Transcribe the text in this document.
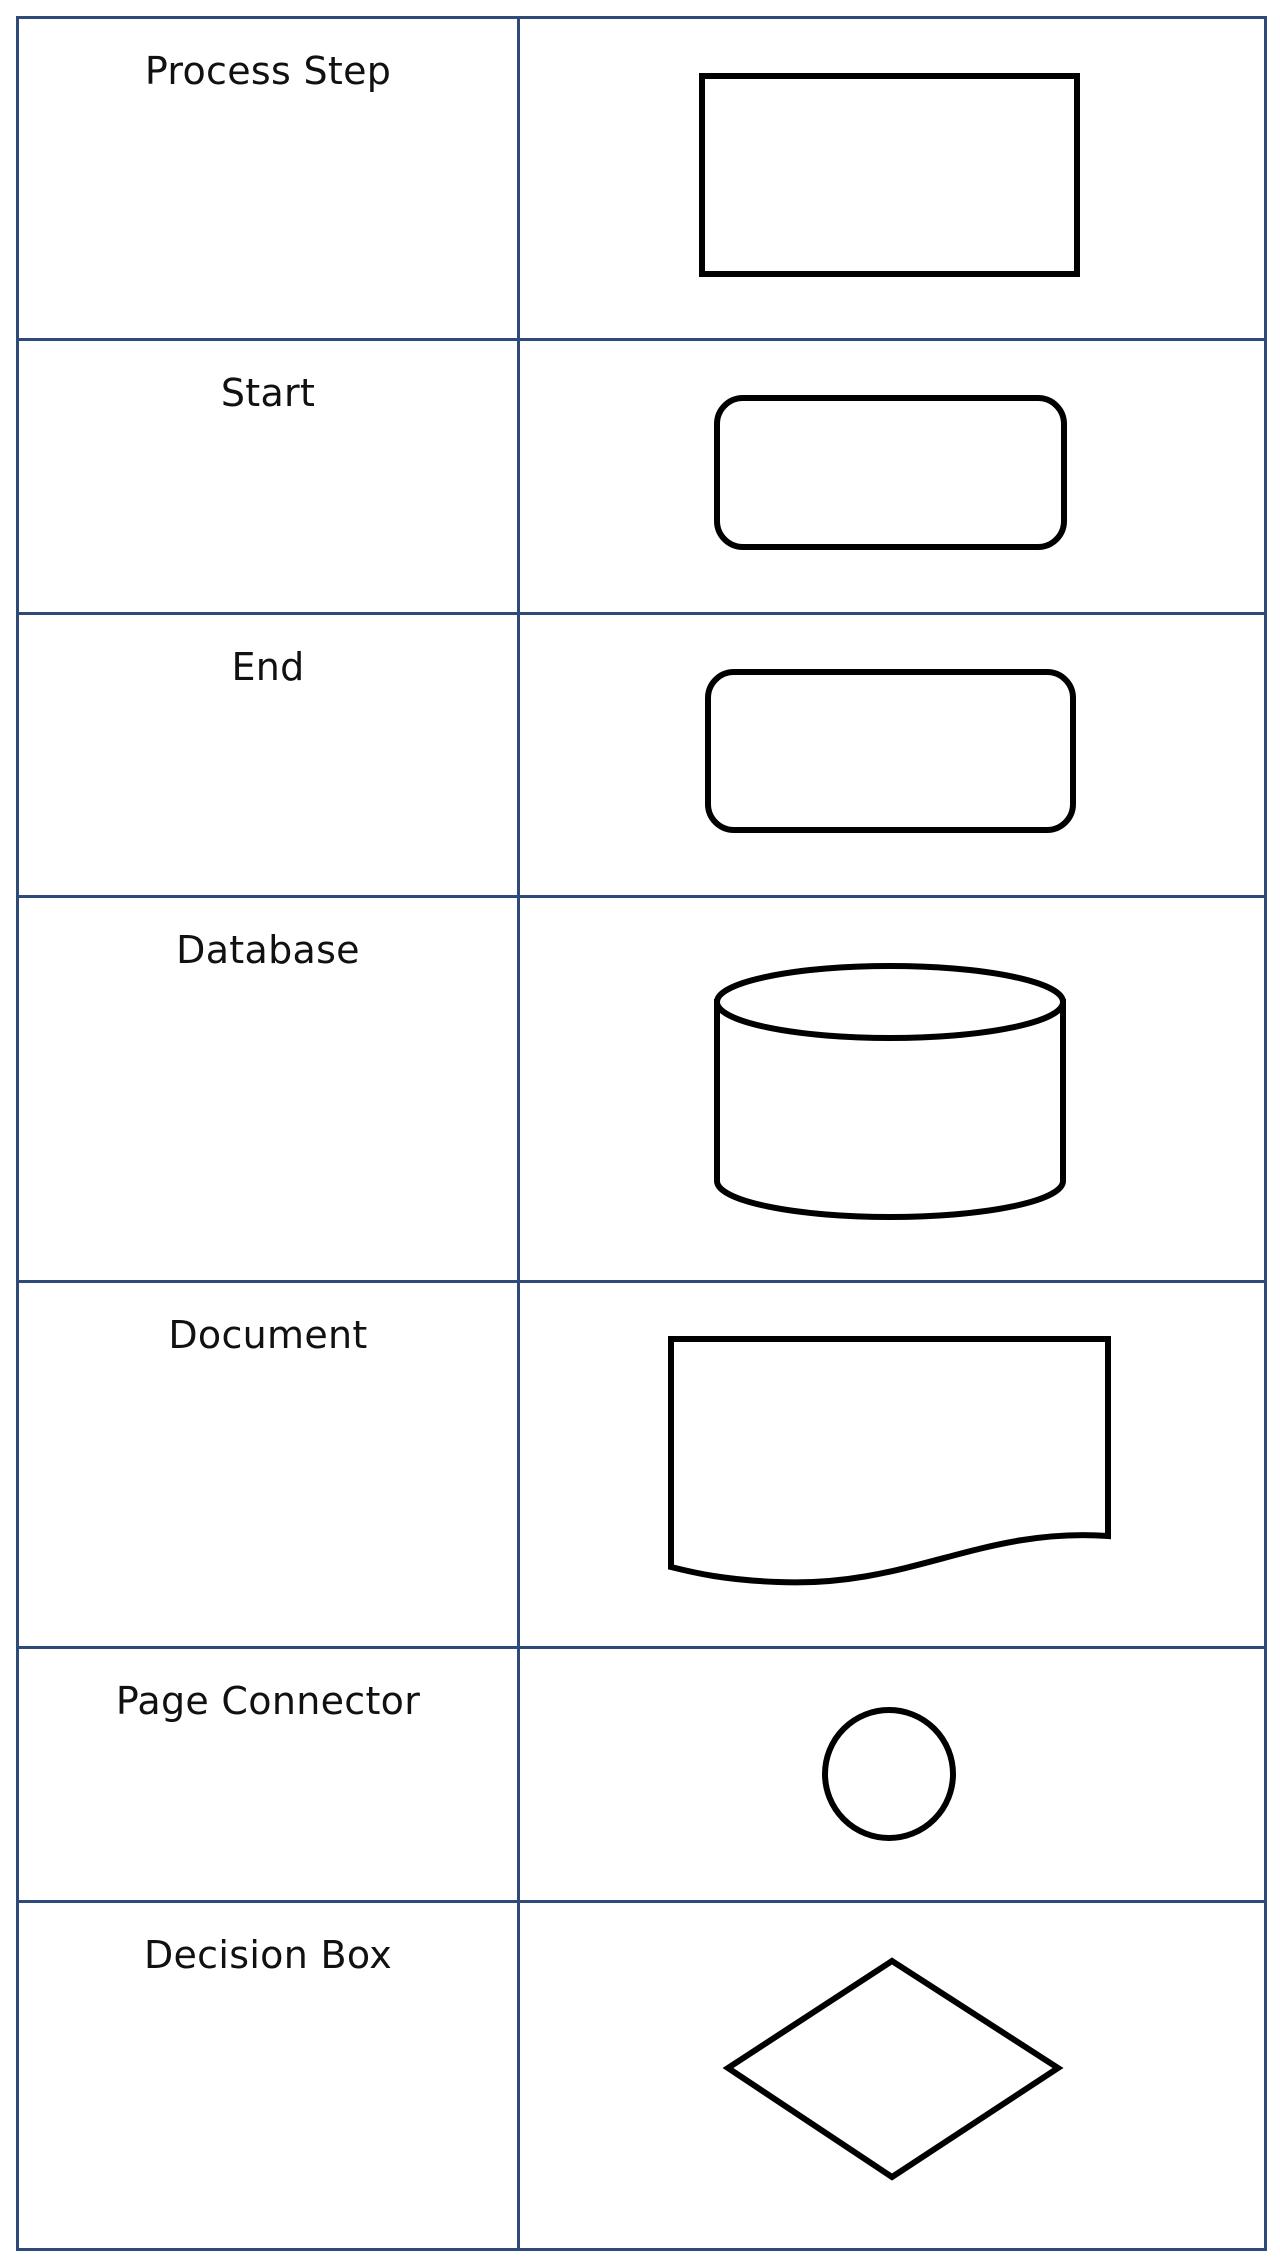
Process Step

Start

End

Database

Document

Page Connector

Decision Box
